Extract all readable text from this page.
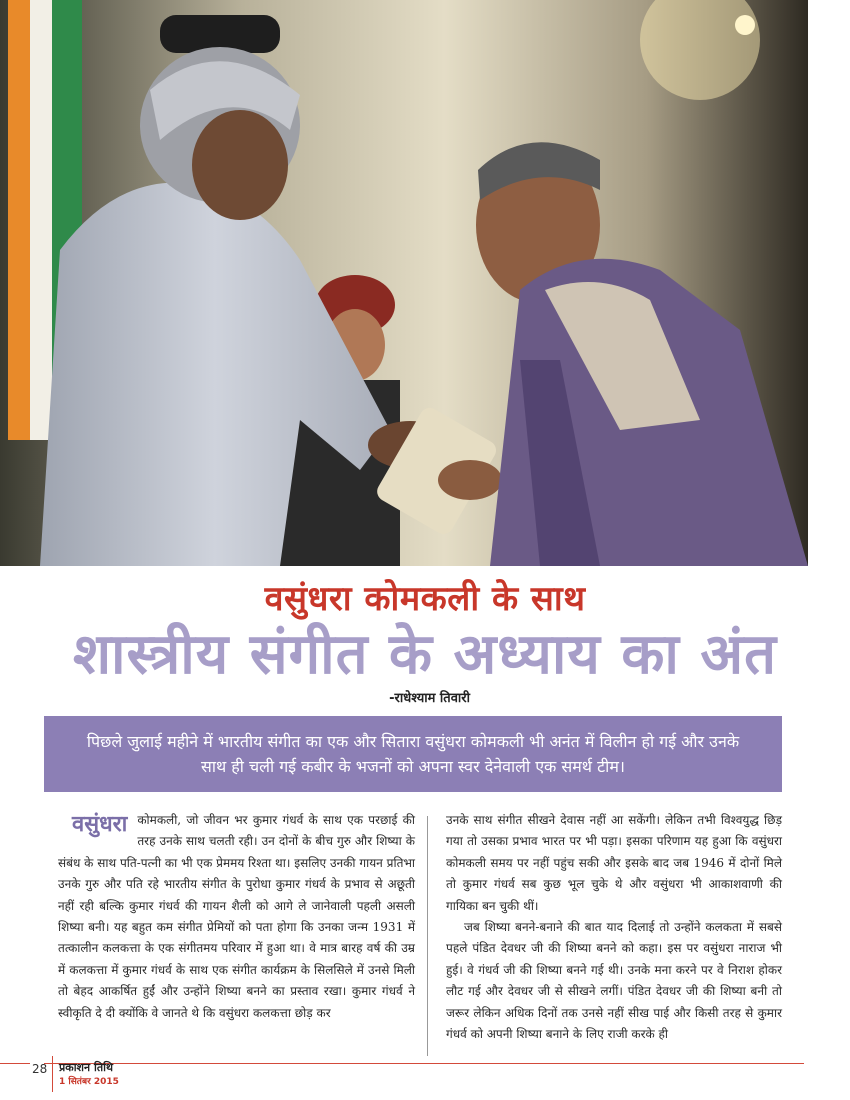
वसुंधरा कोमकली के साथ
शास्त्रीय संगीत के अध्याय का अंत
-राधेश्याम तिवारी

पिछले जुलाई महीने में भारतीय संगीत का एक और सितारा वसुंधरा कोमकली भी अनंत में विलीन हो गई और उनके साथ ही चली गई कबीर के भजनों को अपना स्वर देनेवाली एक समर्थ टीम।

वसुंधरा कोमकली, जो जीवन भर कुमार गंधर्व के साथ एक परछाई की तरह उनके साथ चलती रही। उन दोनों के बीच गुरु और शिष्या के संबंध के साथ पति-पत्नी का भी एक प्रेममय रिश्ता था। इसलिए उनकी गायन प्रतिभा उनके गुरु और पति रहे भारतीय संगीत के पुरोधा कुमार गंधर्व के प्रभाव से अछूती नहीं रही बल्कि कुमार गंधर्व की गायन शैली को आगे ले जानेवाली पहली असली शिष्या बनी। यह बहुत कम संगीत प्रेमियों को पता होगा कि उनका जन्म 1931 में तत्कालीन कलकत्ता के एक संगीतमय परिवार में हुआ था। वे मात्र बारह वर्ष की उम्र में कलकत्ता में कुमार गंधर्व के साथ एक संगीत कार्यक्रम के सिलसिले में उनसे मिली तो बेहद आकर्षित हुईं और उन्होंने शिष्या बनने का प्रस्ताव रखा। कुमार गंधर्व ने स्वीकृति दे दी क्योंकि वे जानते थे कि वसुंधरा कलकत्ता छोड़ कर

उनके साथ संगीत सीखने देवास नहीं आ सकेंगी। लेकिन तभी विश्वयुद्ध छिड़ गया तो उसका प्रभाव भारत पर भी पड़ा। इसका परिणाम यह हुआ कि वसुंधरा कोमकली समय पर नहीं पहुंच सकी और इसके बाद जब 1946 में दोनों मिले तो कुमार गंधर्व सब कुछ भूल चुके थे और वसुंधरा भी आकाशवाणी की गायिका बन चुकी थीं।

जब शिष्या बनने-बनाने की बात याद दिलाई तो उन्होंने कलकता में सबसे पहले पंडित देवधर जी की शिष्या बनने को कहा। इस पर वसुंधरा नाराज भी हुई। वे गंधर्व जी की शिष्या बनने गई थी। उनके मना करने पर वे निराश होकर लौट गई और देवधर जी से सीखने लगीं। पंडित देवधर जी की शिष्या बनी तो जरूर लेकिन अधिक दिनों तक उनसे नहीं सीख पाई और किसी तरह से कुमार गंधर्व को अपनी शिष्या बनाने के लिए राजी करके ही

28 प्रकाशन तिथि
1 सितंबर 2015
